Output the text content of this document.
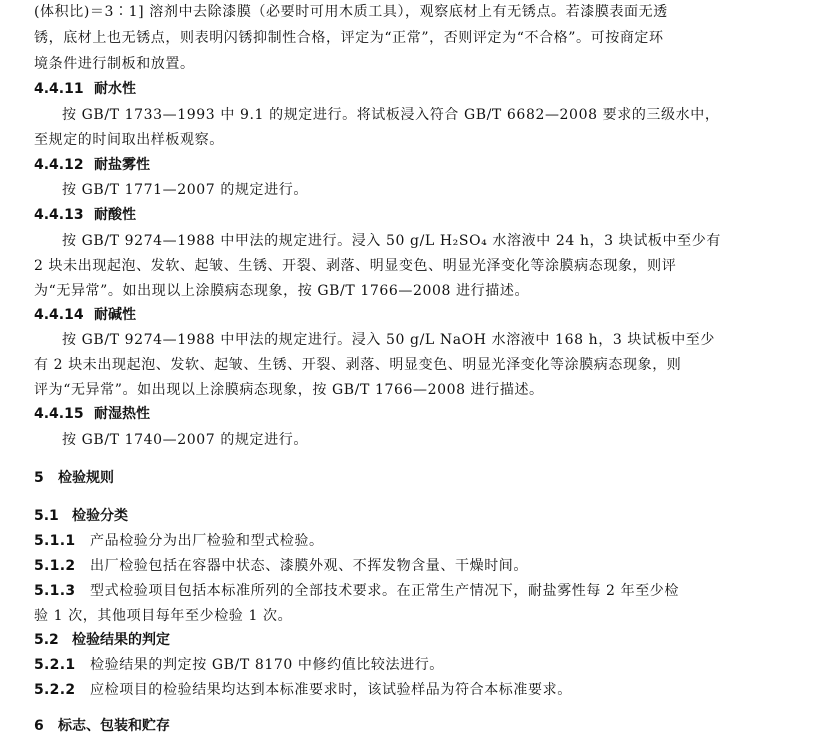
(体积比)＝3∶1] 溶剂中去除漆膜（必要时可用木质工具），观察底材上有无锈点。若漆膜表面无透
锈，底材上也无锈点，则表明闪锈抑制性合格，评定为“正常”，否则评定为“不合格”。可按商定环
境条件进行制板和放置。
4.4.11 耐水性
按 GB/T 1733—1993 中 9.1 的规定进行。将试板浸入符合 GB/T 6682—2008 要求的三级水中，
至规定的时间取出样板观察。
4.4.12 耐盐雾性
按 GB/T 1771—2007 的规定进行。
4.4.13 耐酸性
按 GB/T 9274—1988 中甲法的规定进行。浸入 50 g/L H₂SO₄ 水溶液中 24 h，3 块试板中至少有
2 块未出现起泡、发软、起皱、生锈、开裂、剥落、明显变色、明显光泽变化等涂膜病态现象，则评
为“无异常”。如出现以上涂膜病态现象，按 GB/T 1766—2008 进行描述。
4.4.14 耐碱性
按 GB/T 9274—1988 中甲法的规定进行。浸入 50 g/L NaOH 水溶液中 168 h，3 块试板中至少
有 2 块未出现起泡、发软、起皱、生锈、开裂、剥落、明显变色、明显光泽变化等涂膜病态现象，则
评为“无异常”。如出现以上涂膜病态现象，按 GB/T 1766—2008 进行描述。
4.4.15 耐湿热性
按 GB/T 1740—2007 的规定进行。
5 检验规则
5.1 检验分类
5.1.1 产品检验分为出厂检验和型式检验。
5.1.2 出厂检验包括在容器中状态、漆膜外观、不挥发物含量、干燥时间。
5.1.3 型式检验项目包括本标准所列的全部技术要求。在正常生产情况下，耐盐雾性每 2 年至少检
验 1 次，其他项目每年至少检验 1 次。
5.2 检验结果的判定
5.2.1 检验结果的判定按 GB/T 8170 中修约值比较法进行。
5.2.2 应检项目的检验结果均达到本标准要求时，该试验样品为符合本标准要求。
6 标志、包装和贮存
